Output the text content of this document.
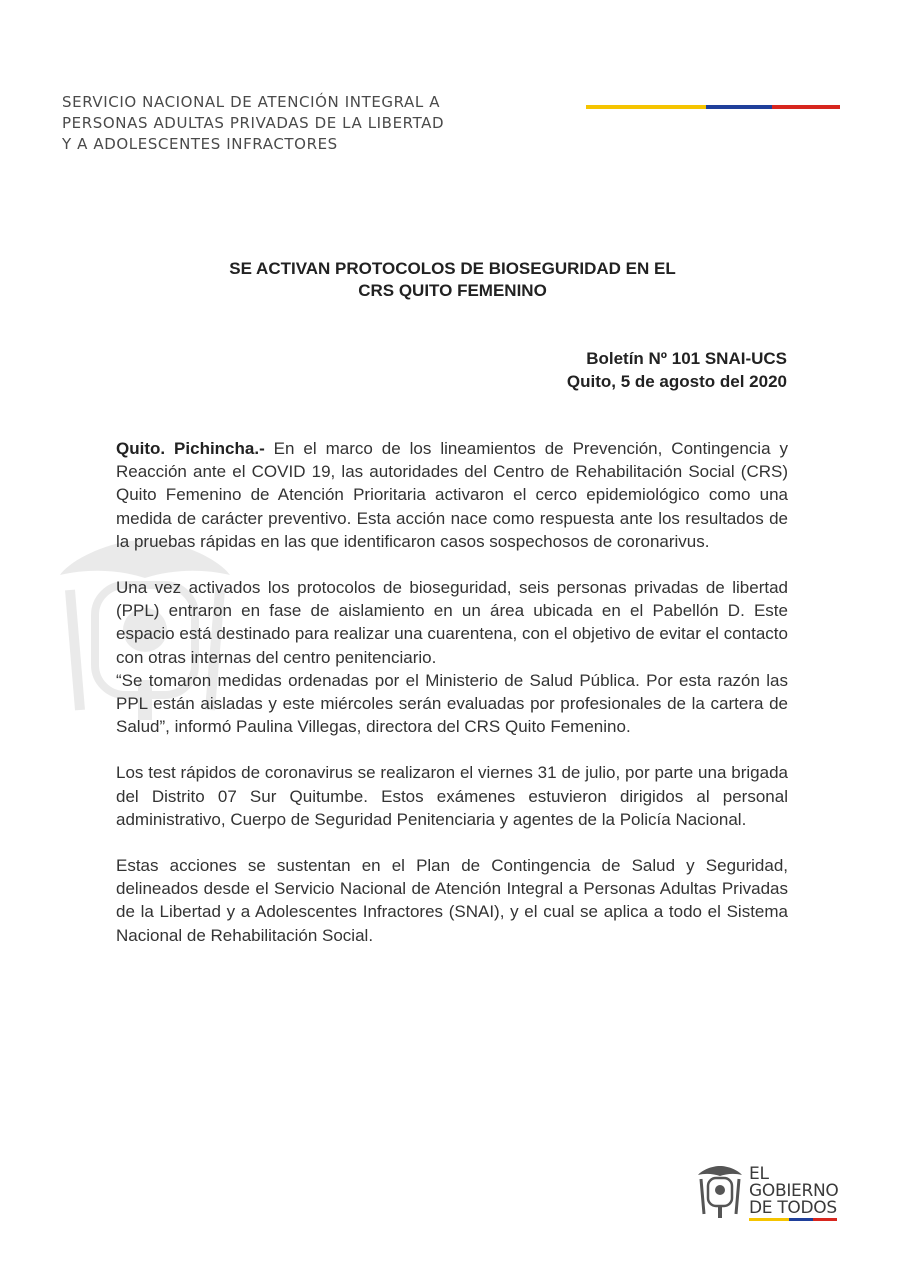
SERVICIO NACIONAL DE ATENCIÓN INTEGRAL A
PERSONAS ADULTAS PRIVADAS DE LA LIBERTAD
Y A ADOLESCENTES INFRACTORES
SE ACTIVAN PROTOCOLOS DE BIOSEGURIDAD EN EL
CRS QUITO FEMENINO
Boletín Nº 101 SNAI-UCS
Quito, 5 de agosto del 2020

Quito. Pichincha.- En el marco de los lineamientos de Prevención, Contingencia y Reacción ante el COVID 19, las autoridades del Centro de Rehabilitación Social (CRS) Quito Femenino de Atención Prioritaria activaron el cerco epidemiológico como una medida de carácter preventivo. Esta acción nace como respuesta ante los resultados de la pruebas rápidas en las que identificaron casos sospechosos de coronarivus.

Una vez activados los protocolos de bioseguridad, seis personas privadas de libertad (PPL) entraron en fase de aislamiento en un área ubicada en el Pabellón D. Este espacio está destinado para realizar una cuarentena, con el objetivo de evitar el contacto con otras internas del centro penitenciario.

“Se tomaron medidas ordenadas por el Ministerio de Salud Pública. Por esta razón las PPL están aisladas y este miércoles serán evaluadas por profesionales de la cartera de Salud”, informó Paulina Villegas, directora del CRS Quito Femenino.

Los test rápidos de coronavirus se realizaron el viernes 31 de julio, por parte una brigada del Distrito 07 Sur Quitumbe. Estos exámenes estuvieron dirigidos al personal administrativo, Cuerpo de Seguridad Penitenciaria y agentes de la Policía Nacional.

Estas acciones se sustentan en el Plan de Contingencia de Salud y Seguridad, delineados desde el Servicio Nacional de Atención Integral a Personas Adultas Privadas de la Libertad y a Adolescentes Infractores (SNAI), y el cual se aplica a todo el Sistema Nacional de Rehabilitación Social.

EL
GOBIERNO
DE TODOS
